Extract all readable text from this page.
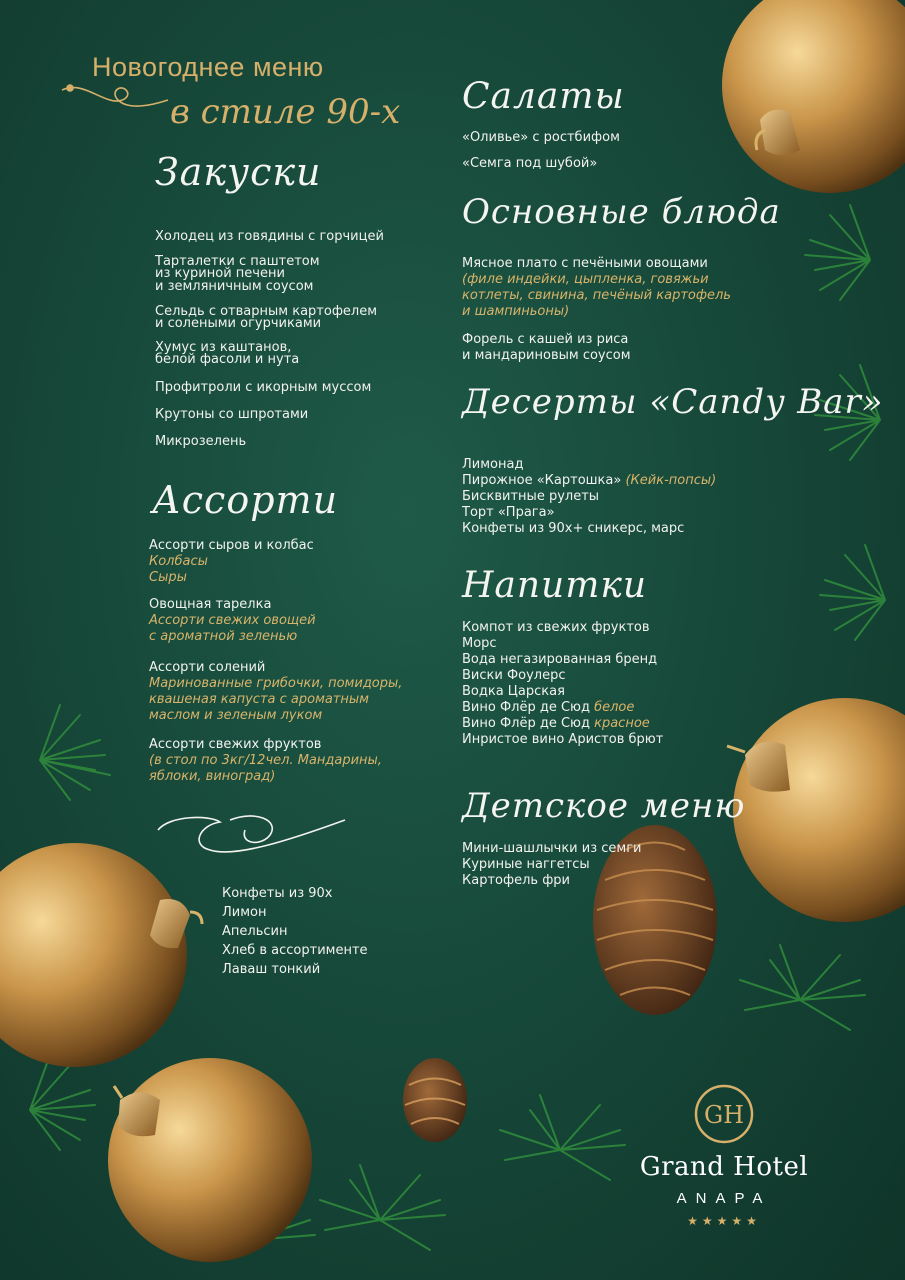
Новогоднее меню
в стиле 90-х
Закуски
Холодец из говядины с горчицей
Тарталетки с паштетом
из куриной печени
и земляничным соусом
Сельдь с отварным картофелем
и солеными огурчиками
Хумус из каштанов,
белой фасоли и нута
Профитроли с икорным муссом
Крутоны со шпротами
Микрозелень
Ассорти
Ассорти сыров и колбас
Колбасы
Сыры
Овощная тарелка
Ассорти свежих овощей
с ароматной зеленью
Ассорти солений
Маринованные грибочки, помидоры,
квашеная капуста с ароматным
маслом и зеленым луком
Ассорти свежих фруктов
(в стол по 3кг/12чел. Мандарины,
яблоки, виноград)
Конфеты из 90х
Лимон
Апельсин
Хлеб в ассортименте
Лаваш тонкий
Салаты
«Оливье» с ростбифом
«Семга под шубой»
Основные блюда
Мясное плато с печёными овощами
(филе индейки, цыпленка, говяжьи
котлеты, свинина, печёный картофель
и шампиньоны)
Форель с кашей из риса
и мандариновым соусом
Десерты «Candy Bar»
Лимонад
Пирожное «Картошка» (Кейк-попсы)
Бисквитные рулеты
Торт «Прага»
Конфеты из 90х+ сникерс, марс
Напитки
Компот из свежих фруктов
Морс
Вода негазированная бренд
Виски Фоулерс
Водка Царская
Вино Флёр де Сюд белое
Вино Флёр де Сюд красное
Инристое вино Аристов брют
Детское меню
Мини-шашлычки из семги
Куриные наггетсы
Картофель фри
GH
Grand Hotel
ANAPA
★★★★★
